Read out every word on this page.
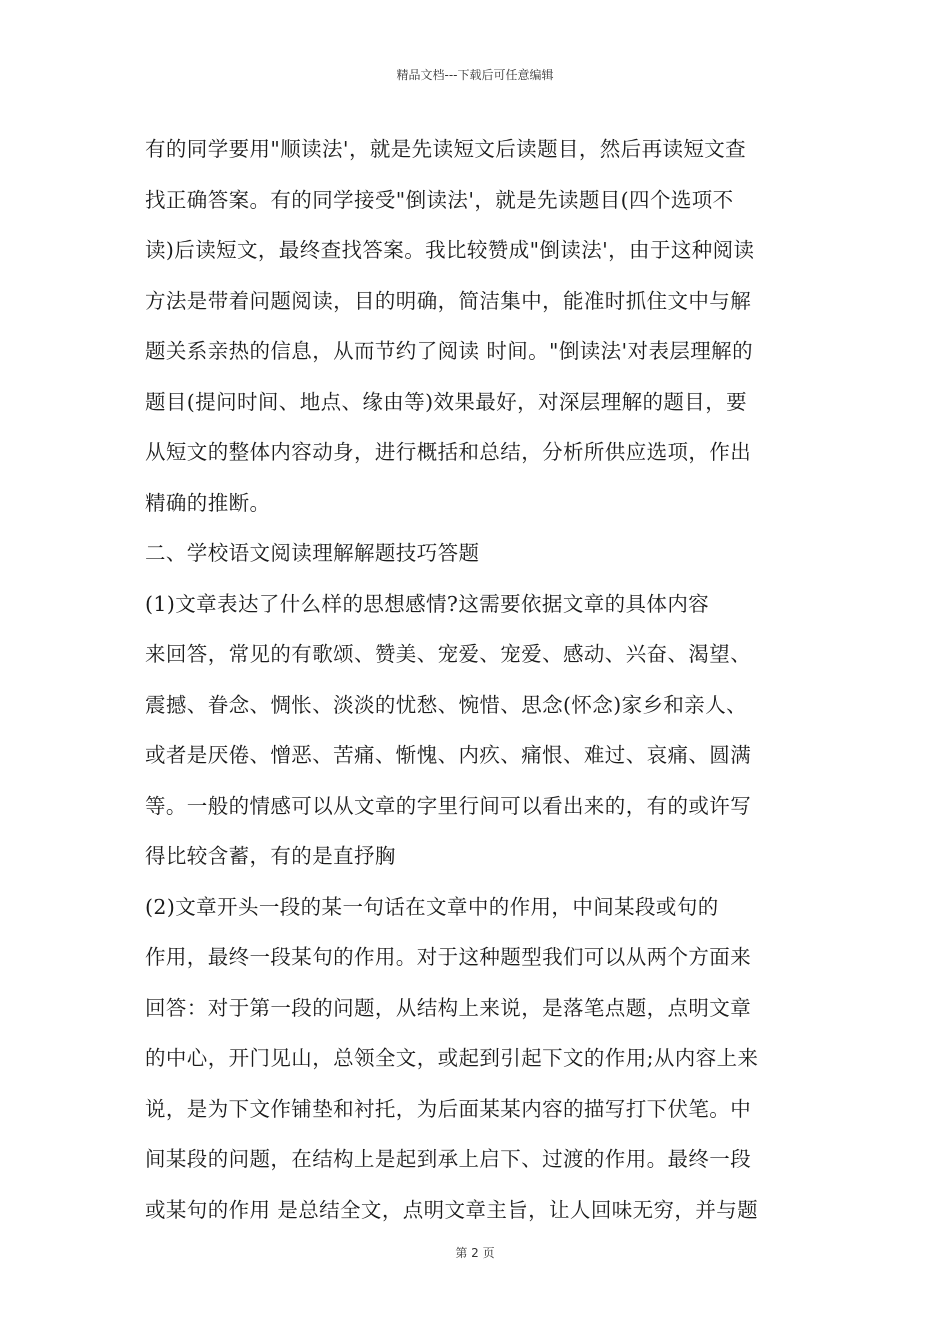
精品文档---下载后可任意编辑
有的同学要用"顺读法'，就是先读短文后读题目，然后再读短文查
找正确答案。有的同学接受"倒读法'，就是先读题目(四个选项不
读)后读短文，最终查找答案。我比较赞成"倒读法'，由于这种阅读
方法是带着问题阅读，目的明确，简洁集中，能准时抓住文中与解
题关系亲热的信息，从而节约了阅读 时间。"倒读法'对表层理解的
题目(提问时间、地点、缘由等)效果最好，对深层理解的题目，要
从短文的整体内容动身，进行概括和总结，分析所供应选项，作出
精确的推断。
二、学校语文阅读理解解题技巧答题
(1)文章表达了什么样的思想感情?这需要依据文章的具体内容
来回答，常见的有歌颂、赞美、宠爱、宠爱、感动、兴奋、渴望、
震撼、眷念、惆怅、淡淡的忧愁、惋惜、思念(怀念)家乡和亲人、
或者是厌倦、憎恶、苦痛、惭愧、内疚、痛恨、难过、哀痛、圆满
等。一般的情感可以从文章的字里行间可以看出来的，有的或许写
得比较含蓄，有的是直抒胸
(2)文章开头一段的某一句话在文章中的作用，中间某段或句的
作用，最终一段某句的作用。对于这种题型我们可以从两个方面来
回答：对于第一段的问题，从结构上来说，是落笔点题，点明文章
的中心，开门见山，总领全文，或起到引起下文的作用;从内容上来
说，是为下文作铺垫和衬托，为后面某某内容的描写打下伏笔。中
间某段的问题，在结构上是起到承上启下、过渡的作用。最终一段
或某句的作用 是总结全文，点明文章主旨，让人回味无穷，并与题
第 2 页
